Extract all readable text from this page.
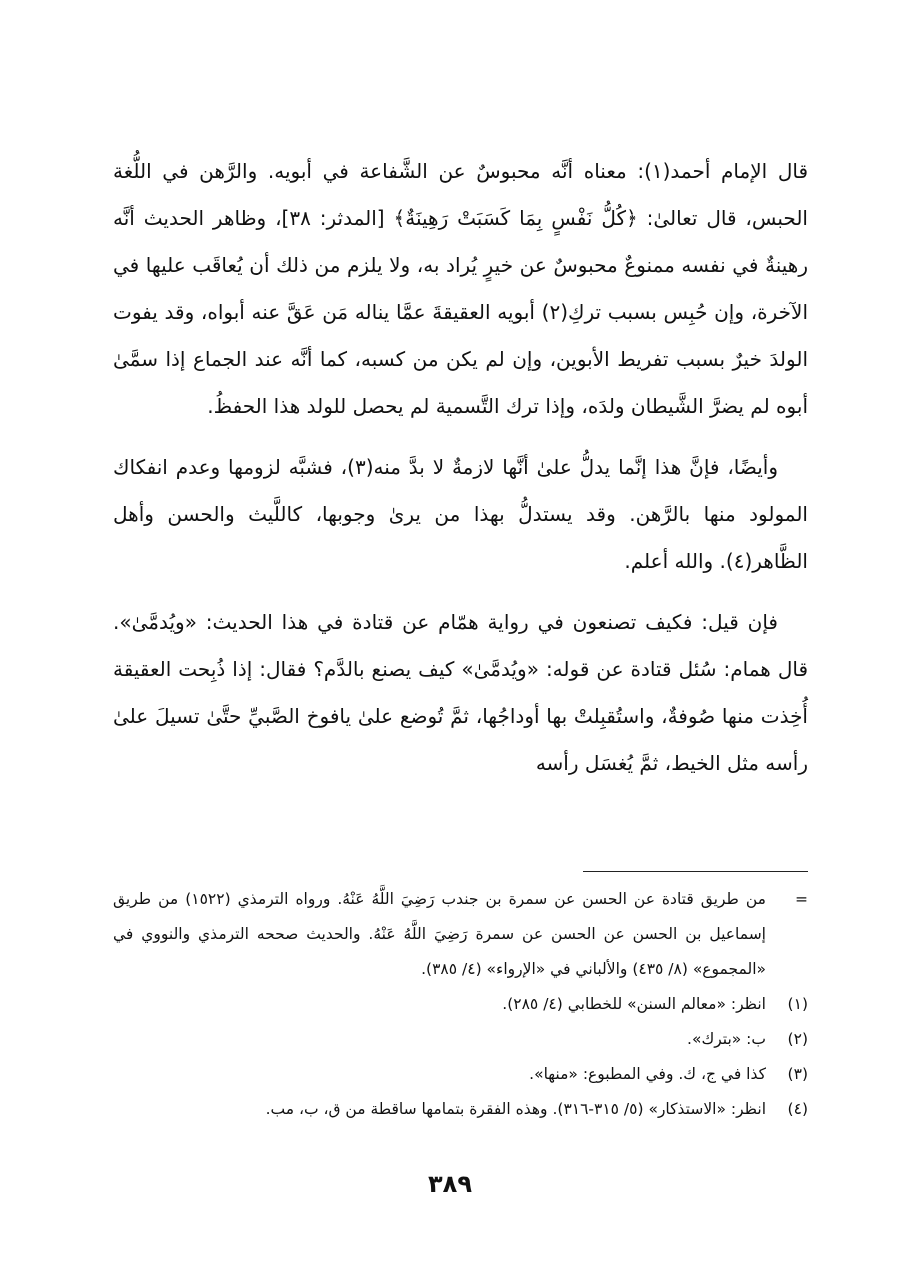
قال الإمام أحمد(١): معناه أنَّه محبوسٌ عن الشَّفاعة في أبويه. والرَّهن في اللُّغة الحبس، قال تعالىٰ: ﴿كُلُّ نَفْسٍ بِمَا كَسَبَتْ رَهِينَةٌ﴾ [المدثر: ٣٨]، وظاهر الحديث أنَّه رهينةٌ في نفسه ممنوعٌ محبوسٌ عن خيرٍ يُراد به، ولا يلزم من ذلك أن يُعاقَب عليها في الآخرة، وإن حُبِس بسبب تركِ(٢) أبويه العقيقةَ عمَّا يناله مَن عَقَّ عنه أبواه، وقد يفوت الولدَ خيرٌ بسبب تفريط الأبوين، وإن لم يكن من كسبه، كما أنَّه عند الجماع إذا سمَّىٰ أبوه لم يضرَّ الشَّيطان ولدَه، وإذا ترك التَّسمية لم يحصل للولد هذا الحفظُ.

وأيضًا، فإنَّ هذا إنَّما يدلُّ علىٰ أنَّها لازمةٌ لا بدَّ منه(٣)، فشبَّه لزومها وعدم انفكاك المولود منها بالرَّهن. وقد يستدلُّ بهذا من يرىٰ وجوبها، كاللَّيث والحسن وأهل الظَّاهر(٤). والله أعلم.

فإن قيل: فكيف تصنعون في رواية همّام عن قتادة في هذا الحديث: «ويُدمَّىٰ». قال همام: سُئل قتادة عن قوله: «ويُدمَّىٰ» كيف يصنع بالدَّم؟ فقال: إذا ذُبِحت العقيقة أُخِذت منها صُوفةٌ، واستُقبِلتْ بها أوداجُها، ثمَّ تُوضع علىٰ يافوخ الصَّبيِّ حتَّىٰ تسيلَ علىٰ رأسه مثل الخيط، ثمَّ يُغسَل رأسه

=
من طريق قتادة عن الحسن عن سمرة بن جندب رَضِيَ اللَّهُ عَنْهُ. ورواه الترمذي (١٥٢٢) من طريق إسماعيل بن الحسن عن الحسن عن سمرة رَضِيَ اللَّهُ عَنْهُ. والحديث صححه الترمذي والنووي في «المجموع» (٨/ ٤٣٥) والألباني في «الإرواء» (٤/ ٣٨٥).

(١)
انظر: «معالم السنن» للخطابي (٤/ ٢٨٥).

(٢)
ب: «بترك».

(٣)
كذا في ج، ك. وفي المطبوع: «منها».

(٤)
انظر: «الاستذكار» (٥/ ٣١٥-٣١٦). وهذه الفقرة بتمامها ساقطة من ق، ب، مب.

٣٨٩
